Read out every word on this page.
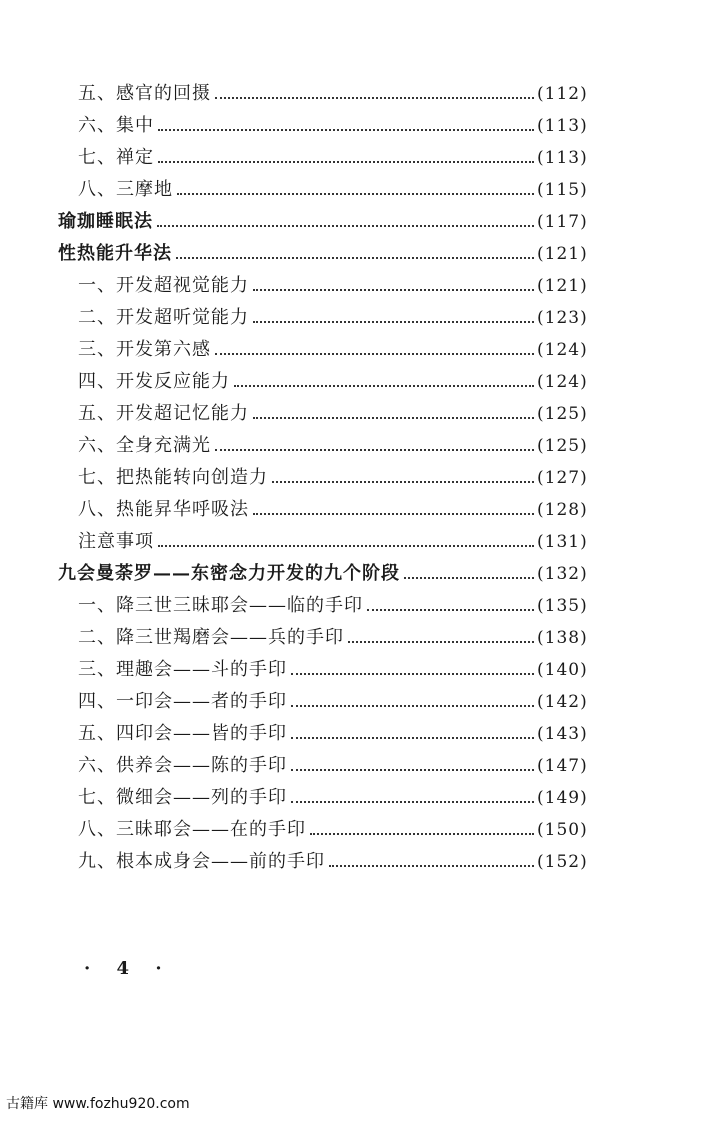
五、感官的回摄	(112)
六、集中	(113)
七、禅定	(113)
八、三摩地	(115)
瑜珈睡眠法	(117)
性热能升华法	(121)
一、开发超视觉能力	(121)
二、开发超听觉能力	(123)
三、开发第六感	(124)
四、开发反应能力	(124)
五、开发超记忆能力	(125)
六、全身充满光	(125)
七、把热能转向创造力	(127)
八、热能昇华呼吸法	(128)
注意事项	(131)
九会曼荼罗——东密念力开发的九个阶段	(132)
一、降三世三昧耶会——临的手印	(135)
二、降三世羯磨会——兵的手印	(138)
三、理趣会——斗的手印	(140)
四、一印会——者的手印	(142)
五、四印会——皆的手印	(143)
六、供养会——陈的手印	(147)
七、微细会——列的手印	(149)
八、三昧耶会——在的手印	(150)
九、根本成身会——前的手印	(152)
· 4 ·
古籍库 www.fozhu920.com
